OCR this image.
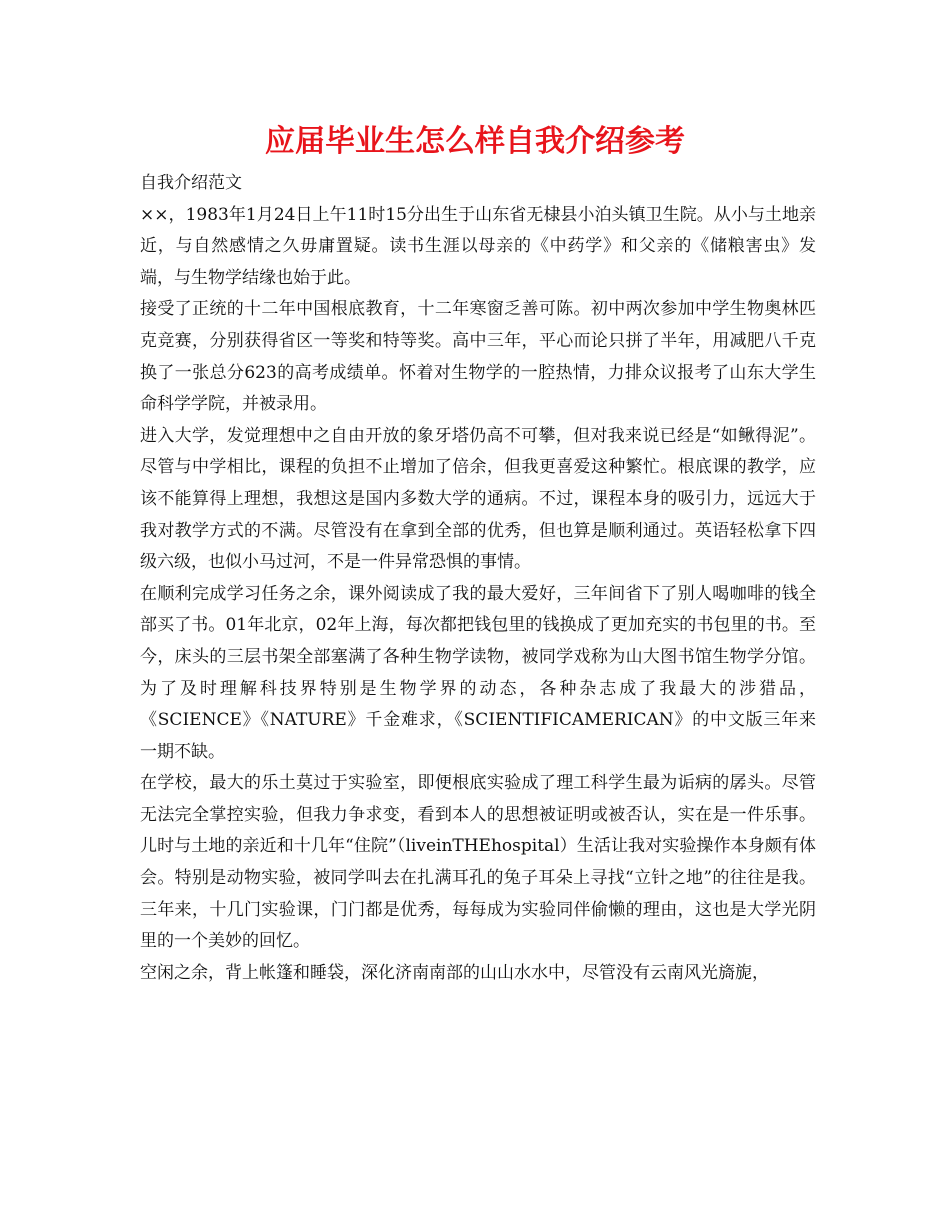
应届毕业生怎么样自我介绍参考

自我介绍范文

××，1983年1月24日上午11时15分出生于山东省无棣县小泊头镇卫生院。从小与土地亲近，与自然感情之久毋庸置疑。读书生涯以母亲的《中药学》和父亲的《储粮害虫》发端，与生物学结缘也始于此。

接受了正统的十二年中国根底教育，十二年寒窗乏善可陈。初中两次参加中学生物奥林匹克竞赛，分别获得省区一等奖和特等奖。高中三年，平心而论只拼了半年，用减肥八千克换了一张总分623的高考成绩单。怀着对生物学的一腔热情，力排众议报考了山东大学生命科学学院，并被录用。

进入大学，发觉理想中之自由开放的象牙塔仍高不可攀，但对我来说已经是“如鳅得泥”。尽管与中学相比，课程的负担不止增加了倍余，但我更喜爱这种繁忙。根底课的教学，应该不能算得上理想，我想这是国内多数大学的通病。不过，课程本身的吸引力，远远大于我对教学方式的不满。尽管没有在拿到全部的优秀，但也算是顺利通过。英语轻松拿下四级六级，也似小马过河，不是一件异常恐惧的事情。

在顺利完成学习任务之余，课外阅读成了我的最大爱好，三年间省下了别人喝咖啡的钱全部买了书。01年北京，02年上海，每次都把钱包里的钱换成了更加充实的书包里的书。至今，床头的三层书架全部塞满了各种生物学读物，被同学戏称为山大图书馆生物学分馆。为了及时理解科技界特别是生物学界的动态，各种杂志成了我最大的涉猎品，《SCIENCE》《NATURE》千金难求，《SCIENTIFICAMERICAN》的中文版三年来一期不缺。

在学校，最大的乐土莫过于实验室，即便根底实验成了理工科学生最为诟病的孱头。尽管无法完全掌控实验，但我力争求变，看到本人的思想被证明或被否认，实在是一件乐事。儿时与土地的亲近和十几年“住院”（liveinTHEhospital）生活让我对实验操作本身颇有体会。特别是动物实验，被同学叫去在扎满耳孔的兔子耳朵上寻找“立针之地”的往往是我。三年来，十几门实验课，门门都是优秀，每每成为实验同伴偷懒的理由，这也是大学光阴里的一个美妙的回忆。

空闲之余，背上帐篷和睡袋，深化济南南部的山山水水中，尽管没有云南风光旖旎，
